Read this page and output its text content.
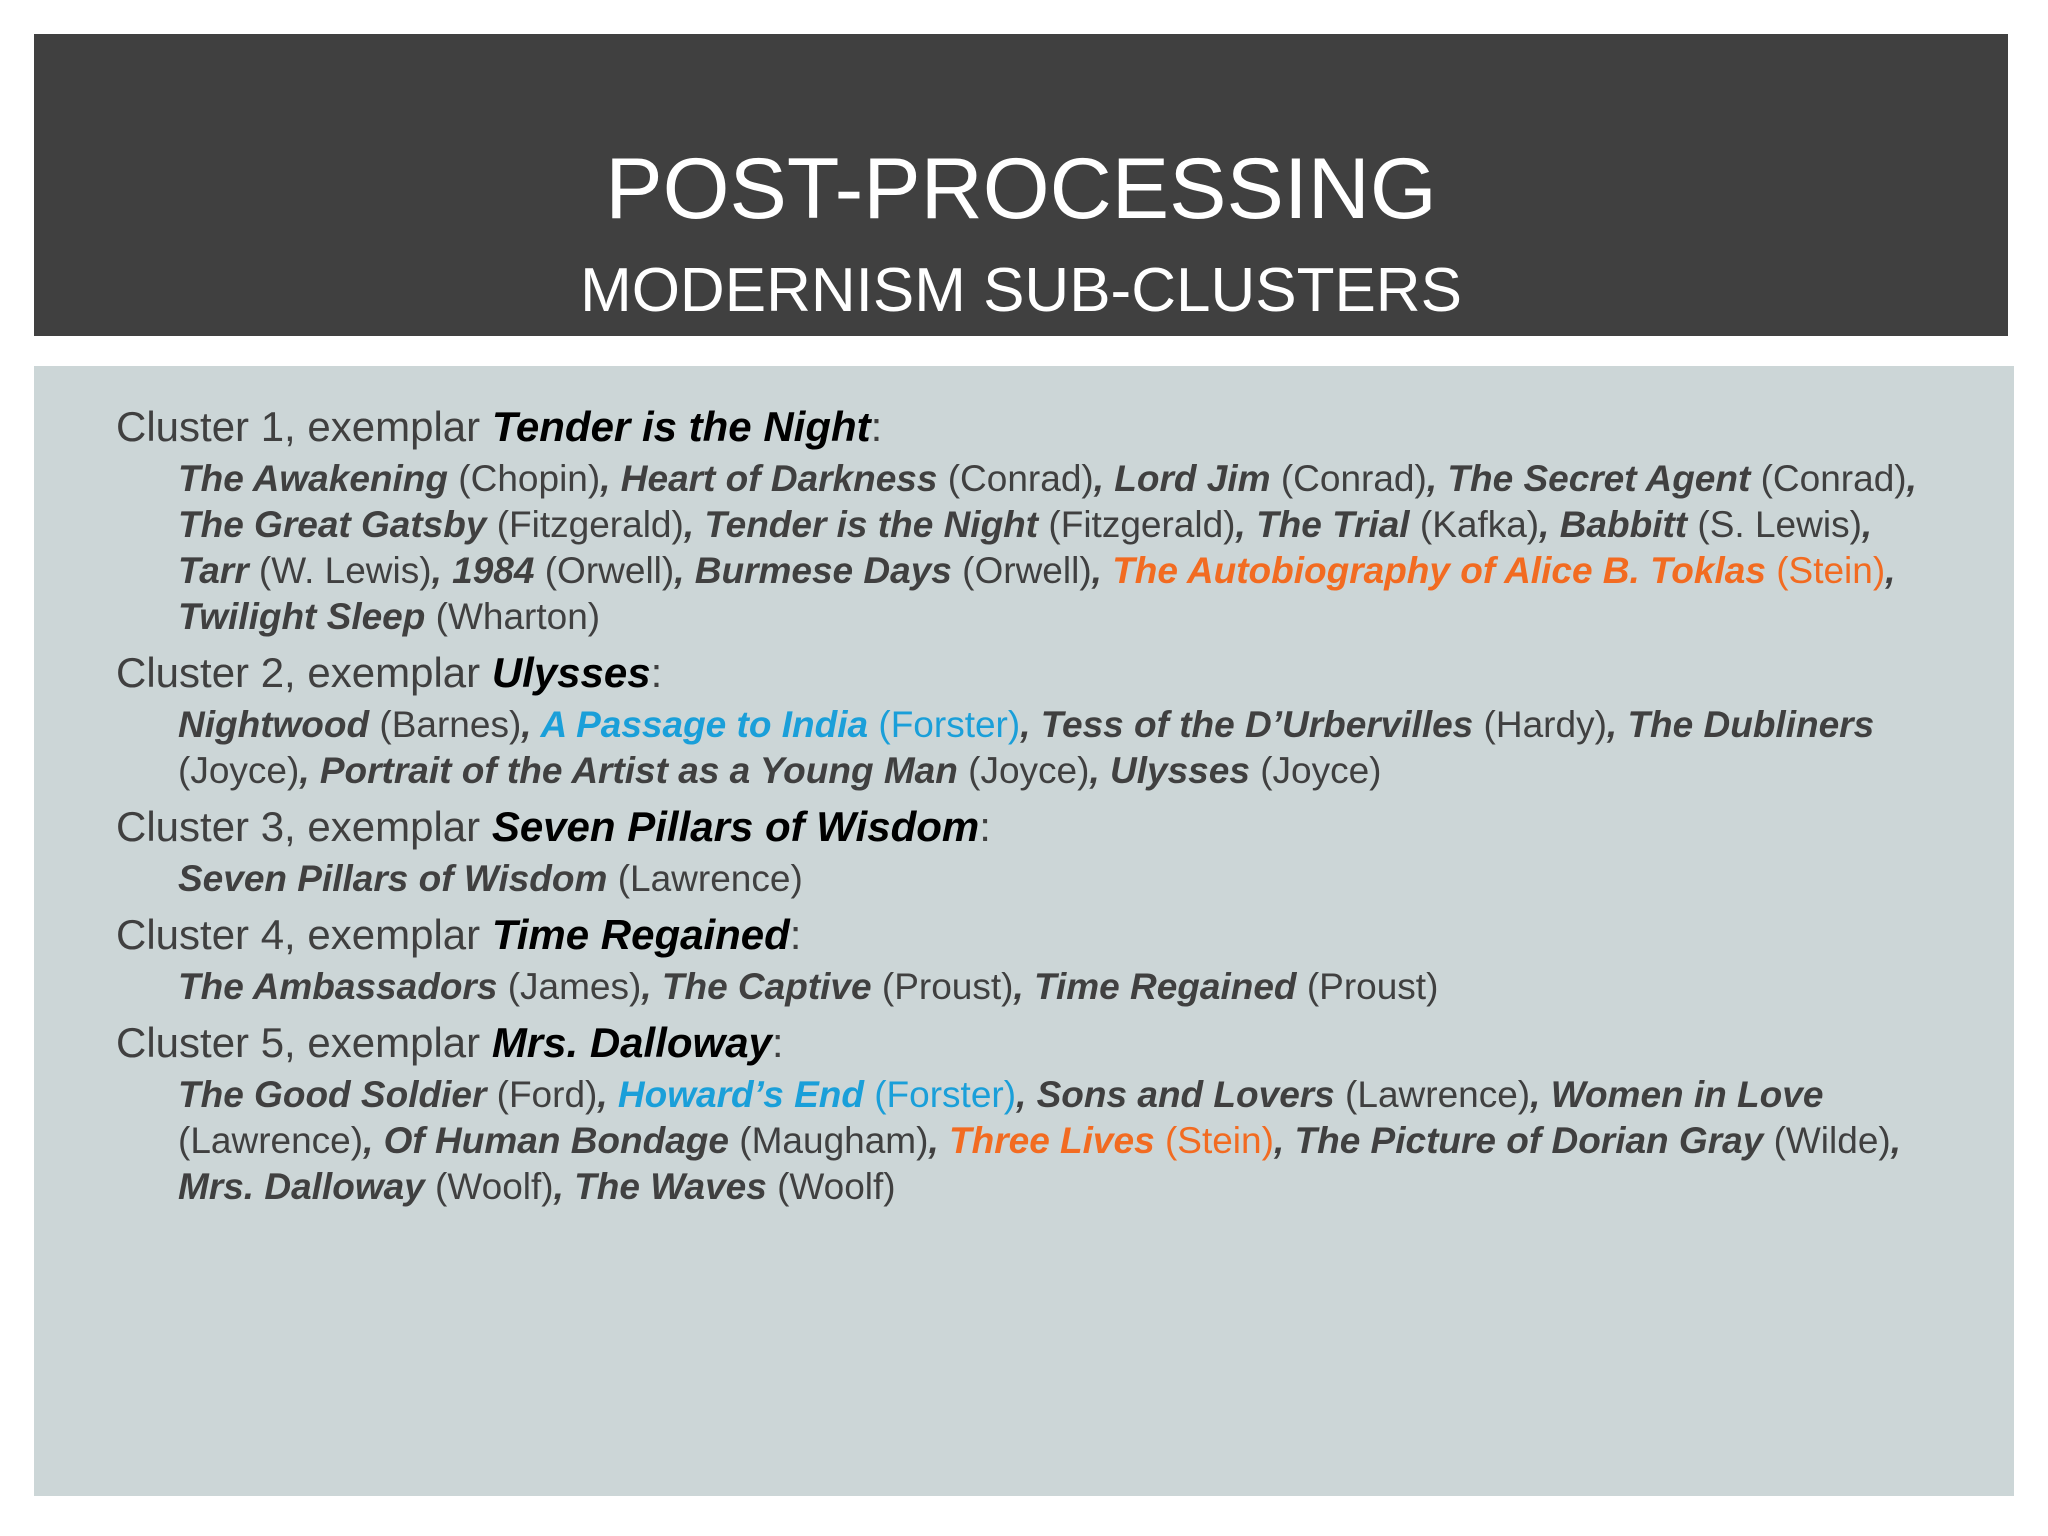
POST-PROCESSING
MODERNISM SUB-CLUSTERS

Cluster 1, exemplar Tender is the Night:

The Awakening (Chopin), Heart of Darkness (Conrad), Lord Jim (Conrad), The Secret Agent (Conrad), The Great Gatsby (Fitzgerald), Tender is the Night (Fitzgerald), The Trial (Kafka), Babbitt (S. Lewis), Tarr (W. Lewis), 1984 (Orwell), Burmese Days (Orwell), The Autobiography of Alice B. Toklas (Stein), Twilight Sleep (Wharton)

Cluster 2, exemplar Ulysses:

Nightwood (Barnes), A Passage to India (Forster), Tess of the D’Urbervilles (Hardy), The Dubliners (Joyce), Portrait of the Artist as a Young Man (Joyce), Ulysses (Joyce)

Cluster 3, exemplar Seven Pillars of Wisdom:

Seven Pillars of Wisdom (Lawrence)

Cluster 4, exemplar Time Regained:

The Ambassadors (James), The Captive (Proust), Time Regained (Proust)

Cluster 5, exemplar Mrs. Dalloway:

The Good Soldier (Ford), Howard’s End (Forster), Sons and Lovers (Lawrence), Women in Love (Lawrence), Of Human Bondage (Maugham), Three Lives (Stein), The Picture of Dorian Gray (Wilde), Mrs. Dalloway (Woolf), The Waves (Woolf)
